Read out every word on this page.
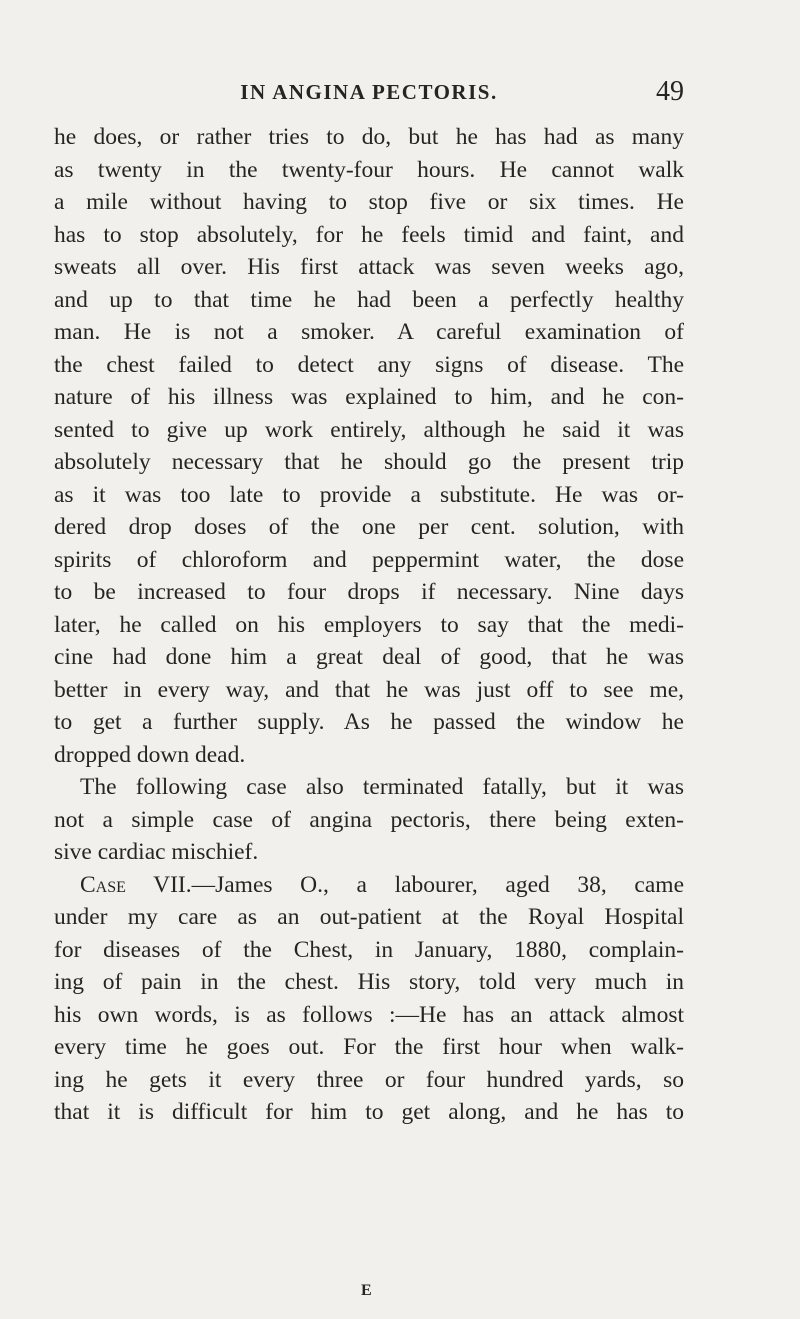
IN ANGINA PECTORIS.	49
he does, or rather tries to do, but he has had as many
as twenty in the twenty-four hours. He cannot walk
a mile without having to stop five or six times. He
has to stop absolutely, for he feels timid and faint, and
sweats all over. His first attack was seven weeks ago,
and up to that time he had been a perfectly healthy
man. He is not a smoker. A careful examination of
the chest failed to detect any signs of disease. The
nature of his illness was explained to him, and he con-
sented to give up work entirely, although he said it was
absolutely necessary that he should go the present trip
as it was too late to provide a substitute. He was or-
dered drop doses of the one per cent. solution, with
spirits of chloroform and peppermint water, the dose
to be increased to four drops if necessary. Nine days
later, he called on his employers to say that the medi-
cine had done him a great deal of good, that he was
better in every way, and that he was just off to see me,
to get a further supply. As he passed the window he
dropped down dead.
The following case also terminated fatally, but it was
not a simple case of angina pectoris, there being exten-
sive cardiac mischief.
Case VII.—James O., a labourer, aged 38, came
under my care as an out-patient at the Royal Hospital
for diseases of the Chest, in January, 1880, complain-
ing of pain in the chest. His story, told very much in
his own words, is as follows :—He has an attack almost
every time he goes out. For the first hour when walk-
ing he gets it every three or four hundred yards, so
that it is difficult for him to get along, and he has to
E
